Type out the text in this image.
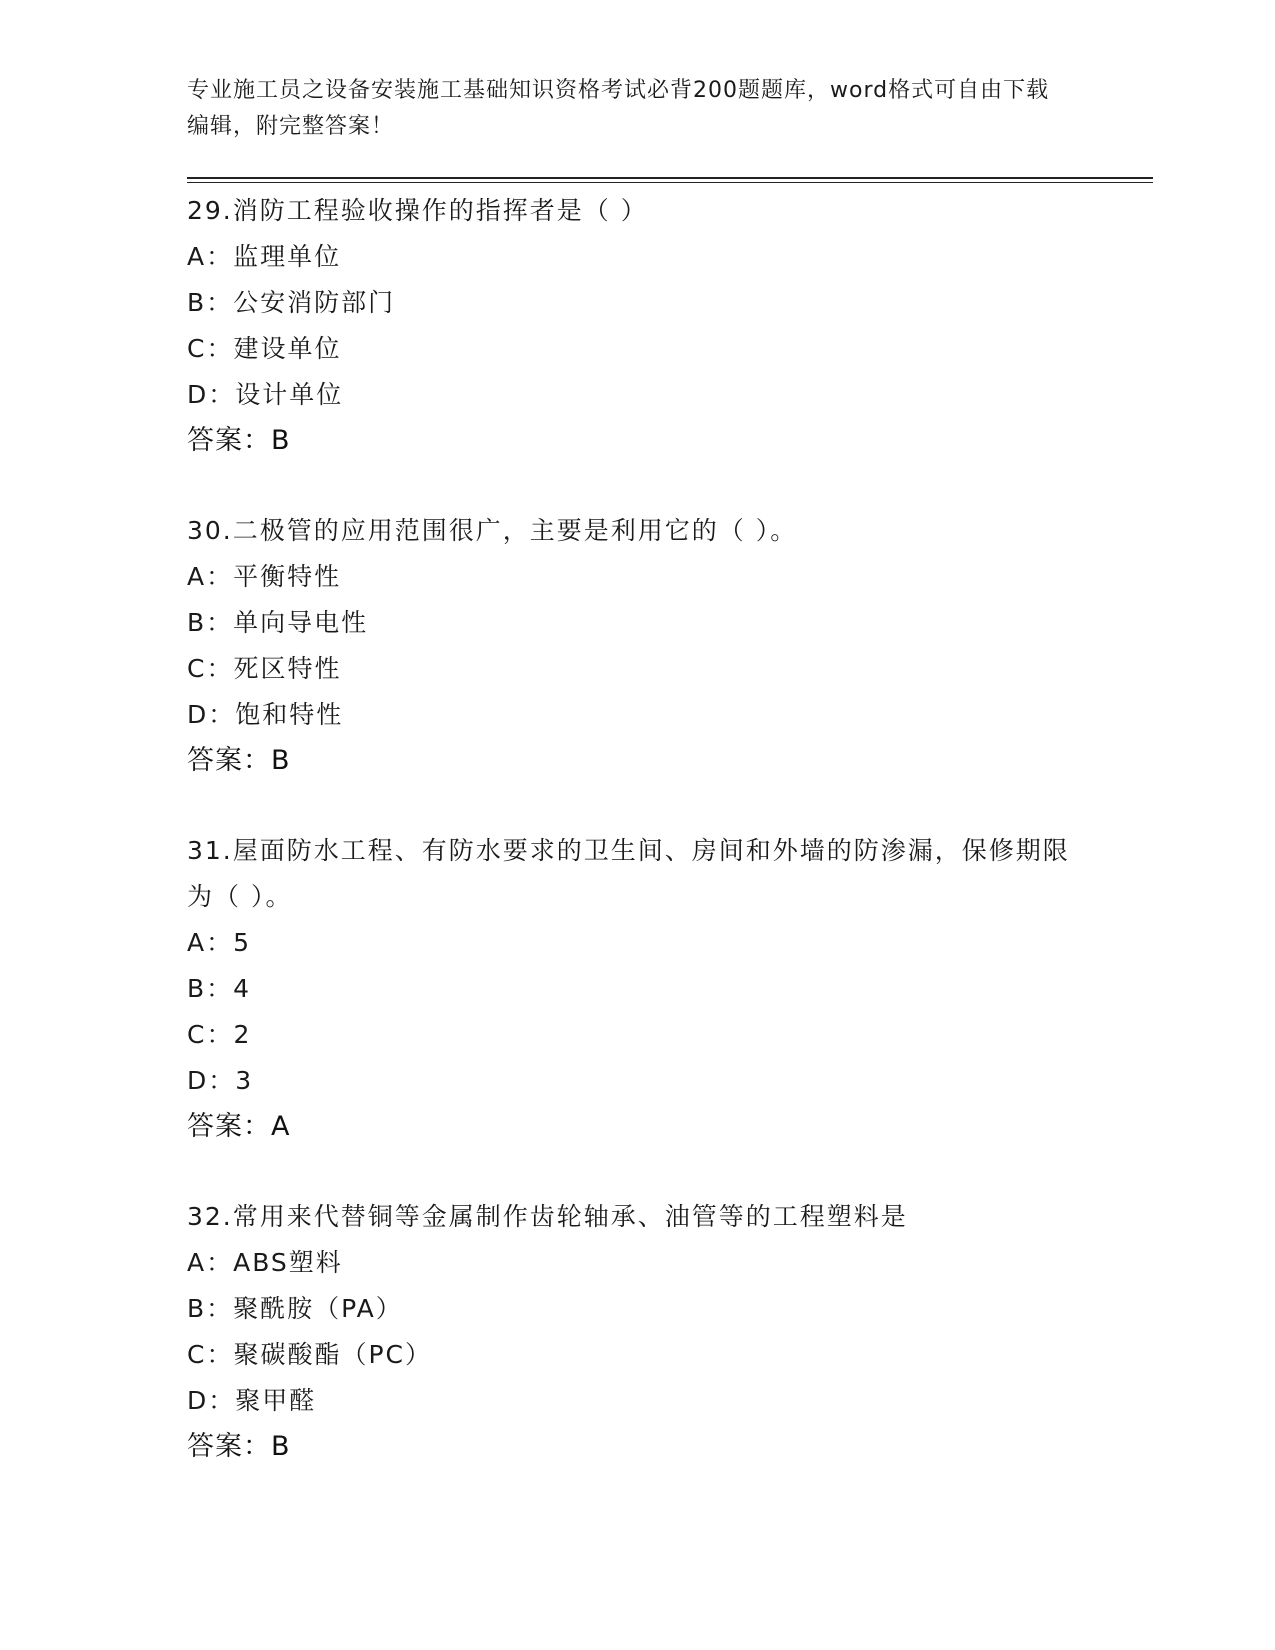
专业施工员之设备安装施工基础知识资格考试必背200题题库，word格式可自由下载编辑，附完整答案！
29.消防工程验收操作的指挥者是（ ）
A：监理单位
B：公安消防部门
C：建设单位
D：设计单位
答案：B
30.二极管的应用范围很广，主要是利用它的（ ）。
A：平衡特性
B：单向导电性
C：死区特性
D：饱和特性
答案：B
31.屋面防水工程、有防水要求的卫生间、房间和外墙的防渗漏，保修期限为（ ）。
A：5
B：4
C：2
D：3
答案：A
32.常用来代替铜等金属制作齿轮轴承、油管等的工程塑料是
A：ABS塑料
B：聚酰胺（PA）
C：聚碳酸酯（PC）
D：聚甲醛
答案：B
